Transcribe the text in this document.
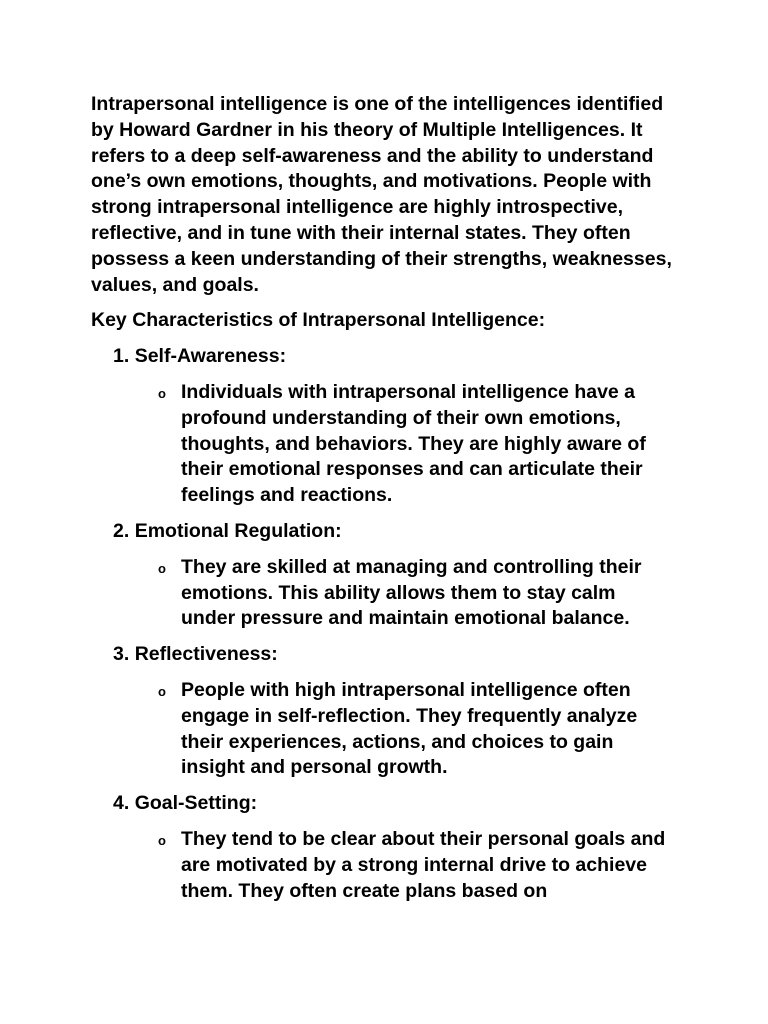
Intrapersonal intelligence is one of the intelligences identified by Howard Gardner in his theory of Multiple Intelligences. It refers to a deep self-awareness and the ability to understand one’s own emotions, thoughts, and motivations. People with strong intrapersonal intelligence are highly introspective, reflective, and in tune with their internal states. They often possess a keen understanding of their strengths, weaknesses, values, and goals.

Key Characteristics of Intrapersonal Intelligence:

1. Self-Awareness:

o Individuals with intrapersonal intelligence have a profound understanding of their own emotions, thoughts, and behaviors. They are highly aware of their emotional responses and can articulate their feelings and reactions.

2. Emotional Regulation:

o They are skilled at managing and controlling their emotions. This ability allows them to stay calm under pressure and maintain emotional balance.

3. Reflectiveness:

o People with high intrapersonal intelligence often engage in self-reflection. They frequently analyze their experiences, actions, and choices to gain insight and personal growth.

4. Goal-Setting:

o They tend to be clear about their personal goals and are motivated by a strong internal drive to achieve them. They often create plans based on
